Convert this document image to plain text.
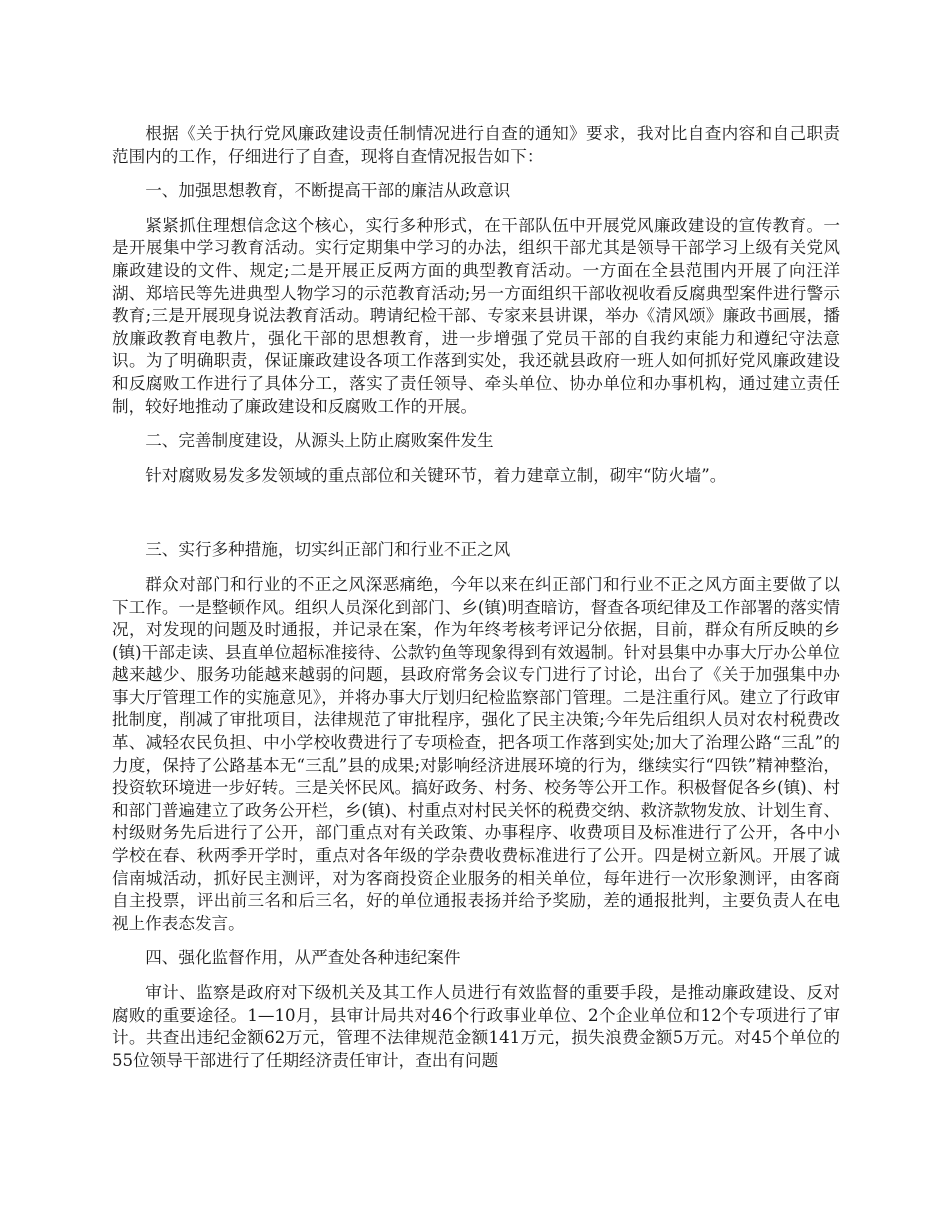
根据《关于执行党风廉政建设责任制情况进行自查的通知》要求，我对比自查内容和自己职责范围内的工作，仔细进行了自查，现将自查情况报告如下：

一、加强思想教育，不断提高干部的廉洁从政意识

紧紧抓住理想信念这个核心，实行多种形式，在干部队伍中开展党风廉政建设的宣传教育。一是开展集中学习教育活动。实行定期集中学习的办法，组织干部尤其是领导干部学习上级有关党风廉政建设的文件、规定;二是开展正反两方面的典型教育活动。一方面在全县范围内开展了向汪洋湖、郑培民等先进典型人物学习的示范教育活动;另一方面组织干部收视收看反腐典型案件进行警示教育;三是开展现身说法教育活动。聘请纪检干部、专家来县讲课，举办《清风颂》廉政书画展，播放廉政教育电教片，强化干部的思想教育，进一步增强了党员干部的自我约束能力和遵纪守法意识。为了明确职责，保证廉政建设各项工作落到实处，我还就县政府一班人如何抓好党风廉政建设和反腐败工作进行了具体分工，落实了责任领导、牵头单位、协办单位和办事机构，通过建立责任制，较好地推动了廉政建设和反腐败工作的开展。

二、完善制度建设，从源头上防止腐败案件发生

针对腐败易发多发领域的重点部位和关键环节，着力建章立制，砌牢“防火墙”。

三、实行多种措施，切实纠正部门和行业不正之风

群众对部门和行业的不正之风深恶痛绝，今年以来在纠正部门和行业不正之风方面主要做了以下工作。一是整顿作风。组织人员深化到部门、乡(镇)明查暗访，督查各项纪律及工作部署的落实情况，对发现的问题及时通报，并记录在案，作为年终考核考评记分依据，目前，群众有所反映的乡(镇)干部走读、县直单位超标准接待、公款钓鱼等现象得到有效遏制。针对县集中办事大厅办公单位越来越少、服务功能越来越弱的问题，县政府常务会议专门进行了讨论，出台了《关于加强集中办事大厅管理工作的实施意见》，并将办事大厅划归纪检监察部门管理。二是注重行风。建立了行政审批制度，削减了审批项目，法律规范了审批程序，强化了民主决策;今年先后组织人员对农村税费改革、减轻农民负担、中小学校收费进行了专项检查，把各项工作落到实处;加大了治理公路“三乱”的力度，保持了公路基本无“三乱”县的成果;对影响经济进展环境的行为，继续实行“四铁”精神整治，投资软环境进一步好转。三是关怀民风。搞好政务、村务、校务等公开工作。积极督促各乡(镇)、村和部门普遍建立了政务公开栏，乡(镇)、村重点对村民关怀的税费交纳、救济款物发放、计划生育、村级财务先后进行了公开，部门重点对有关政策、办事程序、收费项目及标准进行了公开，各中小学校在春、秋两季开学时，重点对各年级的学杂费收费标准进行了公开。四是树立新风。开展了诚信南城活动，抓好民主测评，对为客商投资企业服务的相关单位，每年进行一次形象测评，由客商自主投票，评出前三名和后三名，好的单位通报表扬并给予奖励，差的通报批判，主要负责人在电视上作表态发言。

四、强化监督作用，从严查处各种违纪案件

审计、监察是政府对下级机关及其工作人员进行有效监督的重要手段，是推动廉政建设、反对腐败的重要途径。1—10月，县审计局共对46个行政事业单位、2个企业单位和12个专项进行了审计。共查出违纪金额62万元，管理不法律规范金额141万元，损失浪费金额5万元。对45个单位的55位领导干部进行了任期经济责任审计，查出有问题
